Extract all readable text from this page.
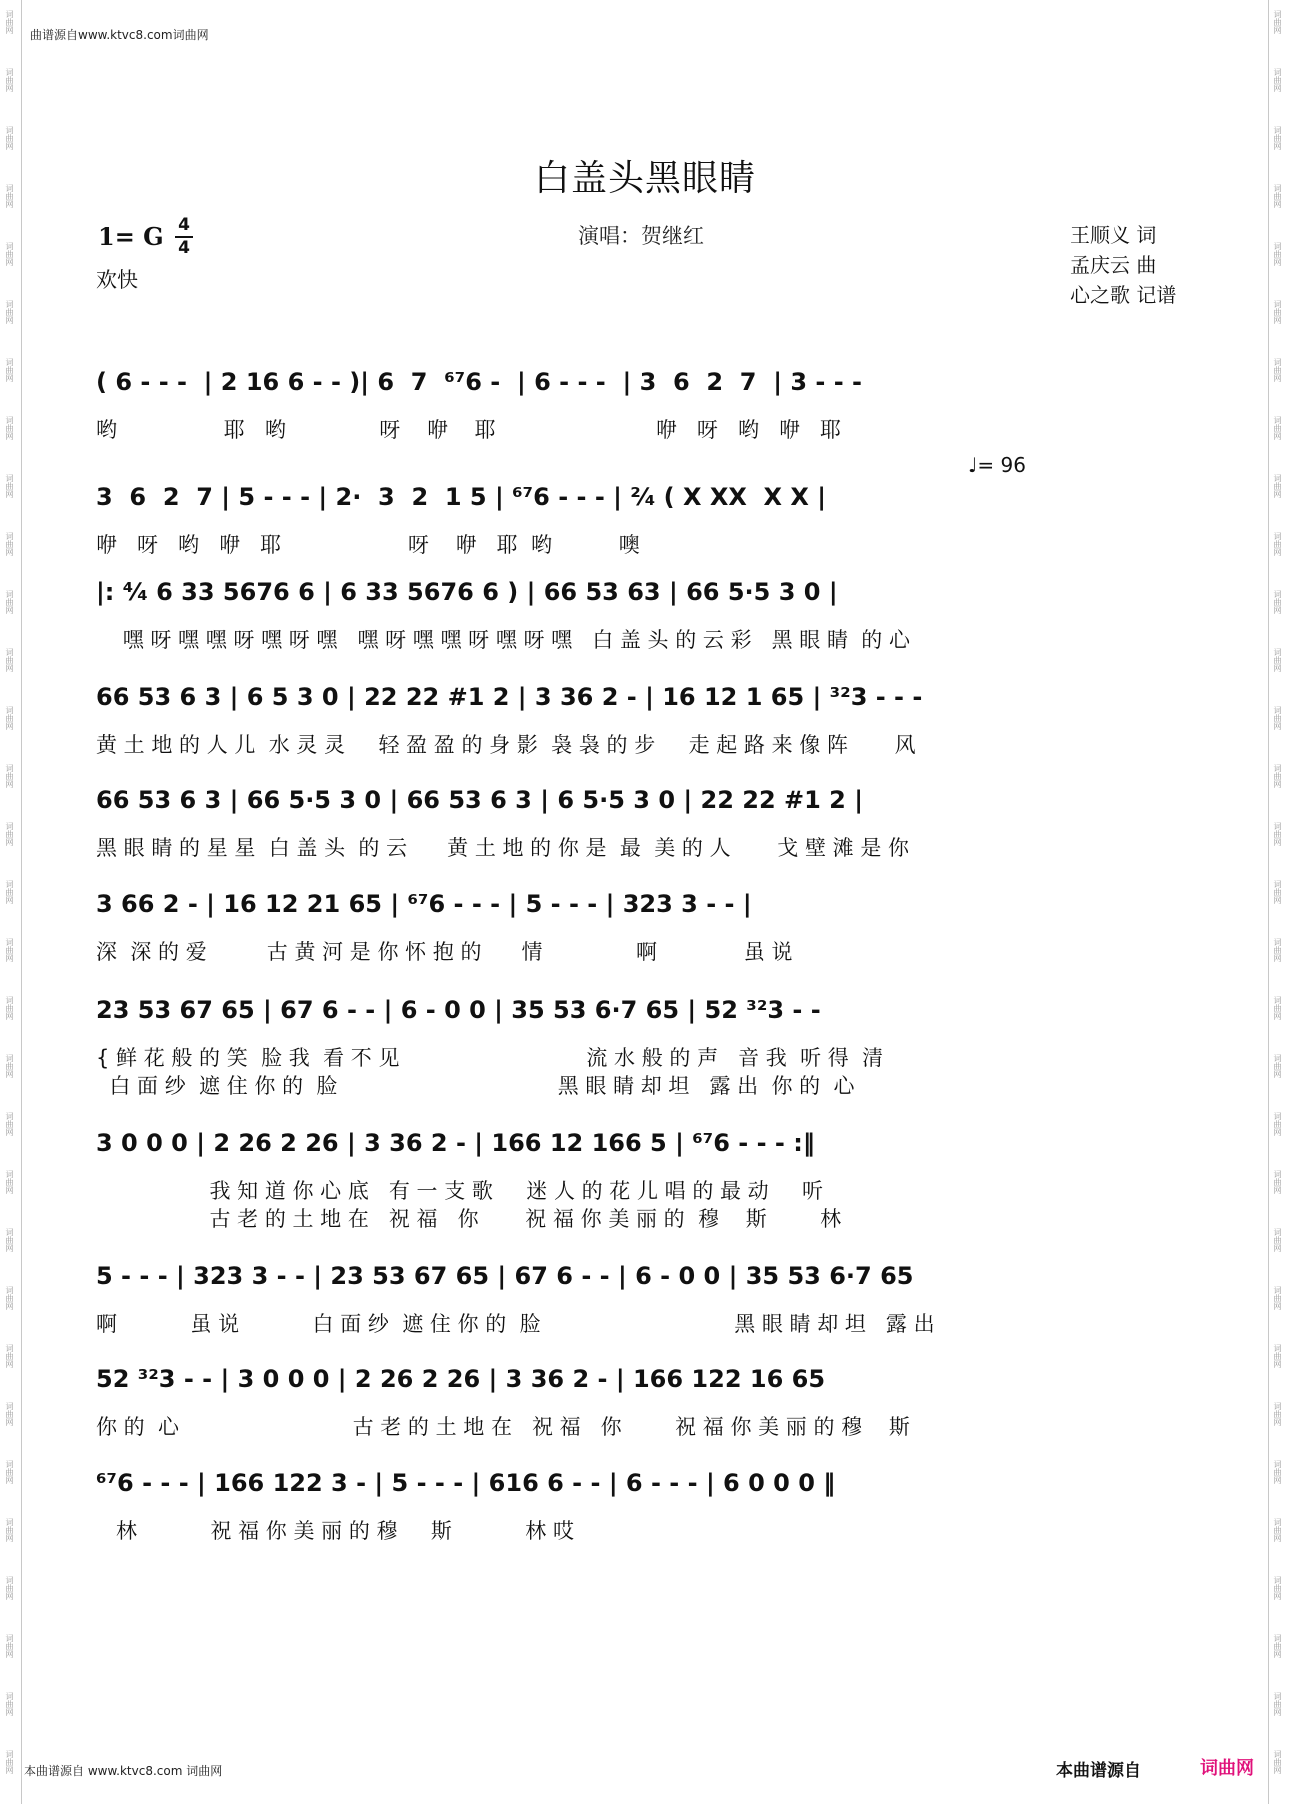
词曲网
词曲网
词曲网
词曲网
词曲网
词曲网
词曲网
词曲网
词曲网
词曲网
词曲网
词曲网
词曲网
词曲网
词曲网
词曲网
词曲网
词曲网
词曲网
词曲网
词曲网
词曲网
词曲网
词曲网
词曲网
词曲网
词曲网
词曲网
词曲网
词曲网
词曲网
词曲网
词曲网
词曲网
词曲网
词曲网
词曲网
词曲网
词曲网
词曲网
词曲网
词曲网
词曲网
词曲网
词曲网
词曲网
词曲网
词曲网
词曲网
词曲网
词曲网
词曲网
词曲网
词曲网
词曲网
词曲网
词曲网
词曲网
词曲网
词曲网
词曲网
词曲网
曲谱源自www.ktvc8.com词曲网
白盖头黑眼睛
1= G 4
4
欢快
演唱：贺继红	王顺义 词
孟庆云 曲
心之歌 记谱
( 6 - - -  | 2 16 6 - - )| 6  7  ⁶⁷6 -  | 6 - - -  | 3  6  2  7  | 3 - - -
哟                耶   哟              呀    咿    耶                        咿   呀   哟   咿   耶
3  6  2  7 | 5 - - - | 2·  3  2  1 5 | ⁶⁷6 - - - | ²⁄₄ ( X XX  X X |
♩= 96
咿   呀   哟   咿   耶                   呀    咿   耶  哟          噢
|: ⁴⁄₄ 6 33 5676 6 | 6 33 5676 6 ) | 66 53 63 | 66 5·5 3 0 |
嘿 呀 嘿 嘿 呀 嘿 呀 嘿   嘿 呀 嘿 嘿 呀 嘿 呀 嘿   白 盖 头 的 云 彩   黑 眼 睛  的 心
66 53 6 3 | 6 5 3 0 | 22 22 #1 2 | 3 36 2 - | 16 12 1 65 | ³²3 - - -
黄 土 地 的 人 儿  水 灵 灵     轻 盈 盈 的 身 影  袅 袅 的 步     走 起 路 来 像 阵       风
66 53 6 3 | 66 5·5 3 0 | 66 53 6 3 | 6 5·5 3 0 | 22 22 #1 2 |
黑 眼 睛 的 星 星  白 盖 头  的 云      黄 土 地 的 你 是  最  美 的 人       戈 壁 滩 是 你
3 66 2 - | 16 12 21 65 | ⁶⁷6 - - - | 5 - - - | 323 3 - - |
深  深 的 爱         古 黄 河 是 你 怀 抱 的      情              啊             虽 说
23 53 67 65 | 67 6 - - | 6 - 0 0 | 35 53 6·7 65 | 52 ³²3 - -
{ 鲜 花 般 的 笑  脸 我  看 不 见                            流 水 般 的 声   音 我  听 得  清
白 面 纱  遮 住 你 的  脸                                 黑 眼 睛 却 坦   露 出  你 的  心
3 0 0 0 | 2 26 2 26 | 3 36 2 - | 166 12 166 5 | ⁶⁷6 - - - :‖
我 知 道 你 心 底   有 一 支 歌     迷 人 的 花 儿 唱 的 最 动     听
古 老 的 土 地 在   祝 福   你       祝 福 你 美 丽 的  穆    斯        林
5 - - - | 323 3 - - | 23 53 67 65 | 67 6 - - | 6 - 0 0 | 35 53 6·7 65
啊           虽 说           白 面 纱  遮 住 你 的  脸                             黑 眼 睛 却 坦   露 出
52 ³²3 - - | 3 0 0 0 | 2 26 2 26 | 3 36 2 - | 166 122 16 65
你 的  心                          古 老 的 土 地 在   祝 福   你        祝 福 你 美 丽 的 穆    斯
⁶⁷6 - - - | 166 122 3 - | 5 - - - | 616 6 - - | 6 - - - | 6 0 0 0 ‖
林           祝 福 你 美 丽 的 穆     斯           林 哎
本曲谱源自 www.ktvc8.com 词曲网	本曲谱源自	词曲网
